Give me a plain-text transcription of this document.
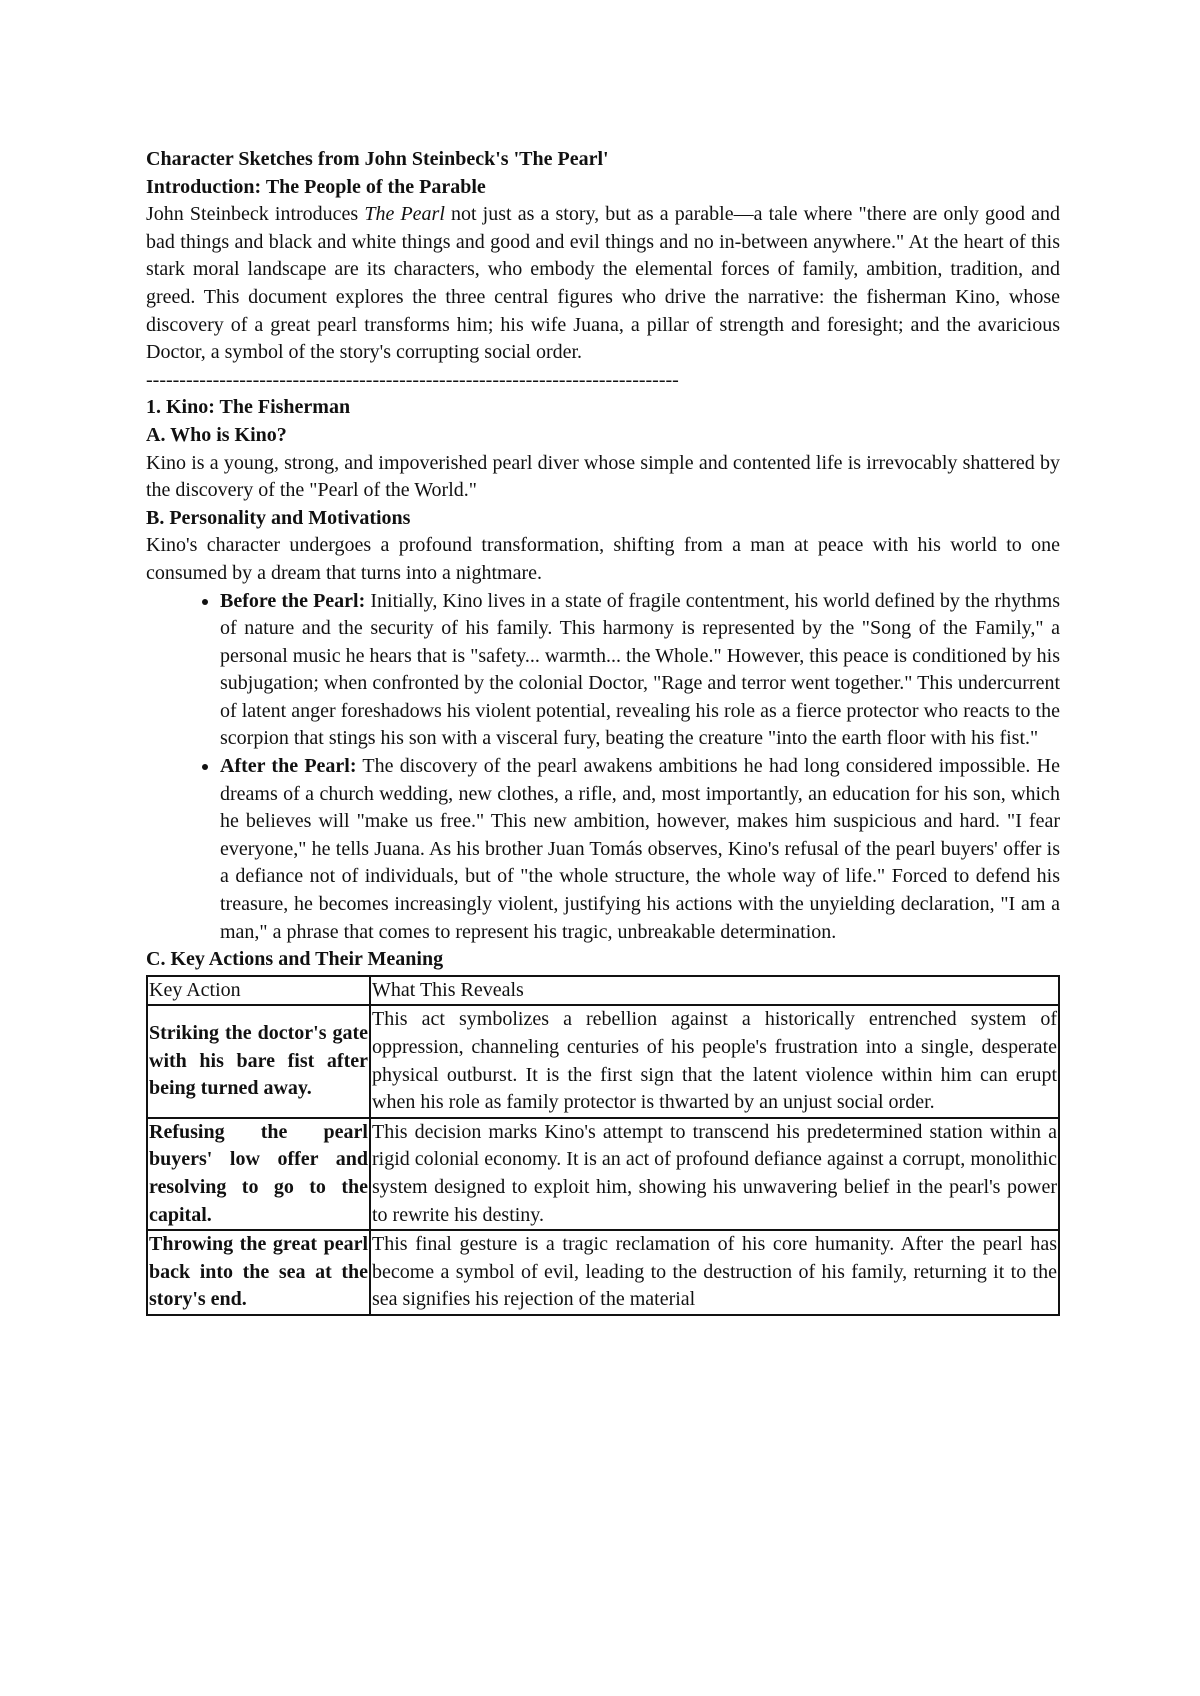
Character Sketches from John Steinbeck's 'The Pearl'

Introduction: The People of the Parable

John Steinbeck introduces The Pearl not just as a story, but as a parable—a tale where "there are only good and bad things and black and white things and good and evil things and no in-between anywhere." At the heart of this stark moral landscape are its characters, who embody the elemental forces of family, ambition, tradition, and greed. This document explores the three central figures who drive the narrative: the fisherman Kino, whose discovery of a great pearl transforms him; his wife Juana, a pillar of strength and foresight; and the avaricious Doctor, a symbol of the story's corrupting social order.

--------------------------------------------------------------------------------

1. Kino: The Fisherman

A. Who is Kino?

Kino is a young, strong, and impoverished pearl diver whose simple and contented life is irrevocably shattered by the discovery of the "Pearl of the World."

B. Personality and Motivations

Kino's character undergoes a profound transformation, shifting from a man at peace with his world to one consumed by a dream that turns into a nightmare.

• Before the Pearl: Initially, Kino lives in a state of fragile contentment, his world defined by the rhythms of nature and the security of his family. This harmony is represented by the "Song of the Family," a personal music he hears that is "safety... warmth... the Whole." However, this peace is conditioned by his subjugation; when confronted by the colonial Doctor, "Rage and terror went together." This undercurrent of latent anger foreshadows his violent potential, revealing his role as a fierce protector who reacts to the scorpion that stings his son with a visceral fury, beating the creature "into the earth floor with his fist."
• After the Pearl: The discovery of the pearl awakens ambitions he had long considered impossible. He dreams of a church wedding, new clothes, a rifle, and, most importantly, an education for his son, which he believes will "make us free." This new ambition, however, makes him suspicious and hard. "I fear everyone," he tells Juana. As his brother Juan Tomás observes, Kino's refusal of the pearl buyers' offer is a defiance not of individuals, but of "the whole structure, the whole way of life." Forced to defend his treasure, he becomes increasingly violent, justifying his actions with the unyielding declaration, "I am a man," a phrase that comes to represent his tragic, unbreakable determination.

C. Key Actions and Their Meaning

Key Action	What This Reveals
Striking the doctor's gate with his bare fist after being turned away.	This act symbolizes a rebellion against a historically entrenched system of oppression, channeling centuries of his people's frustration into a single, desperate physical outburst. It is the first sign that the latent violence within him can erupt when his role as family protector is thwarted by an unjust social order.
Refusing the pearl buyers' low offer and resolving to go to the capital.	This decision marks Kino's attempt to transcend his predetermined station within a rigid colonial economy. It is an act of profound defiance against a corrupt, monolithic system designed to exploit him, showing his unwavering belief in the pearl's power to rewrite his destiny.

Throwing the great pearl back into the sea at the story's end.	This final gesture is a tragic reclamation of his core humanity. After the pearl has become a symbol of evil, leading to the destruction of his family, returning it to the sea signifies his rejection of the material
